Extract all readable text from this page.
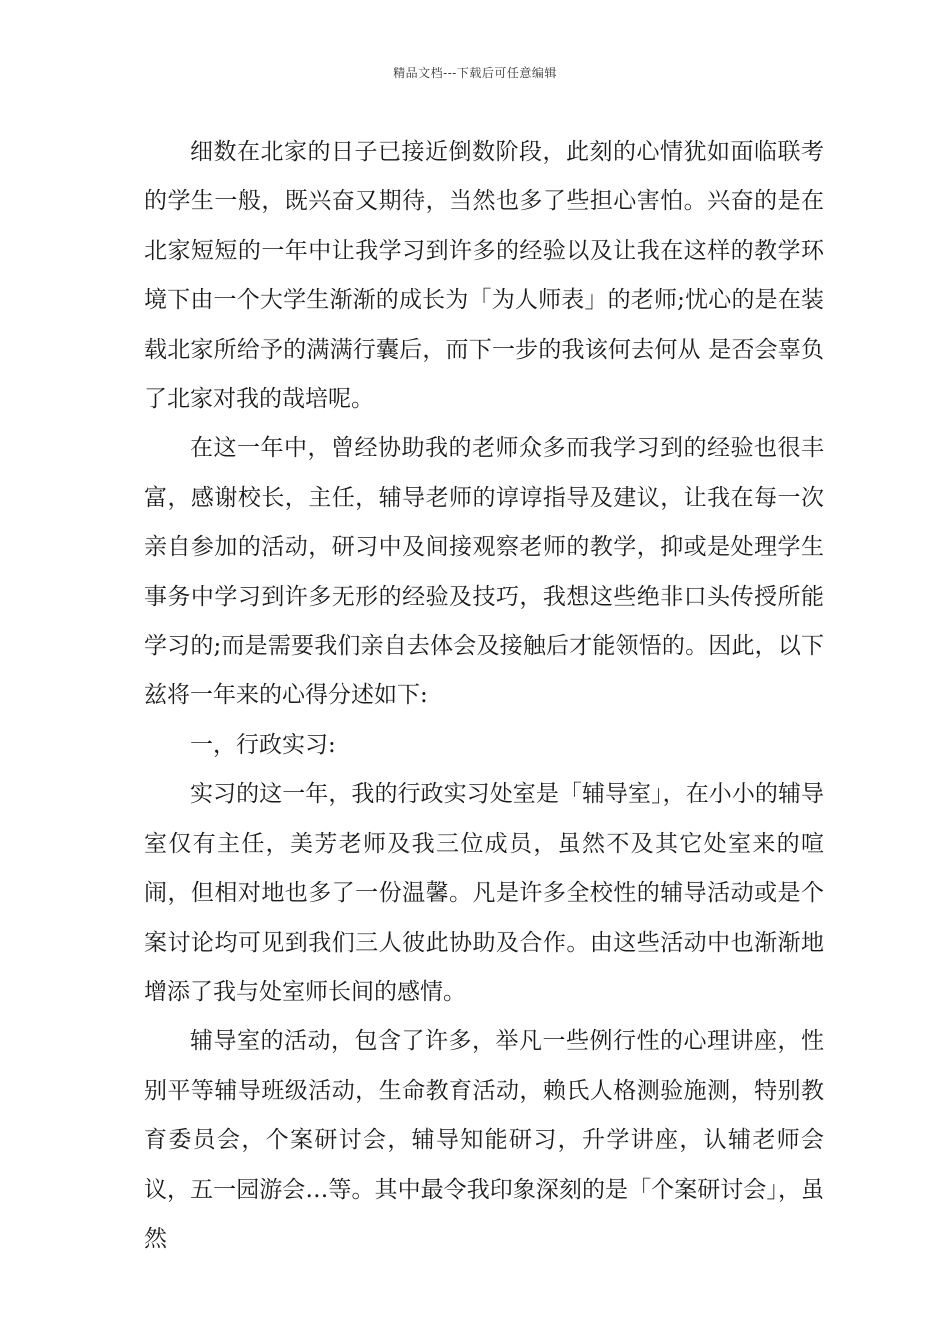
精品文档---下载后可任意编辑

细数在北家的日子已接近倒数阶段，此刻的心情犹如面临联考的学生一般，既兴奋又期待，当然也多了些担心害怕。兴奋的是在北家短短的一年中让我学习到许多的经验以及让我在这样的教学环境下由一个大学生渐渐的成长为「为人师表」的老师;忧心的是在装载北家所给予的满满行囊后，而下一步的我该何去何从 是否会辜负了北家对我的哉培呢。

在这一年中，曾经协助我的老师众多而我学习到的经验也很丰富，感谢校长，主任，辅导老师的谆谆指导及建议，让我在每一次亲自参加的活动，研习中及间接观察老师的教学，抑或是处理学生事务中学习到许多无形的经验及技巧，我想这些绝非口头传授所能学习的;而是需要我们亲自去体会及接触后才能领悟的。因此，以下兹将一年来的心得分述如下:

一，行政实习:

实习的这一年，我的行政实习处室是「辅导室」，在小小的辅导室仅有主任，美芳老师及我三位成员，虽然不及其它处室来的喧闹，但相对地也多了一份温馨。凡是许多全校性的辅导活动或是个案讨论均可见到我们三人彼此协助及合作。由这些活动中也渐渐地增添了我与处室师长间的感情。

辅导室的活动，包含了许多，举凡一些例行性的心理讲座，性别平等辅导班级活动，生命教育活动，赖氏人格测验施测，特别教育委员会，个案研讨会，辅导知能研习，升学讲座，认辅老师会议，五一园游会…等。其中最令我印象深刻的是「个案研讨会」，虽然
